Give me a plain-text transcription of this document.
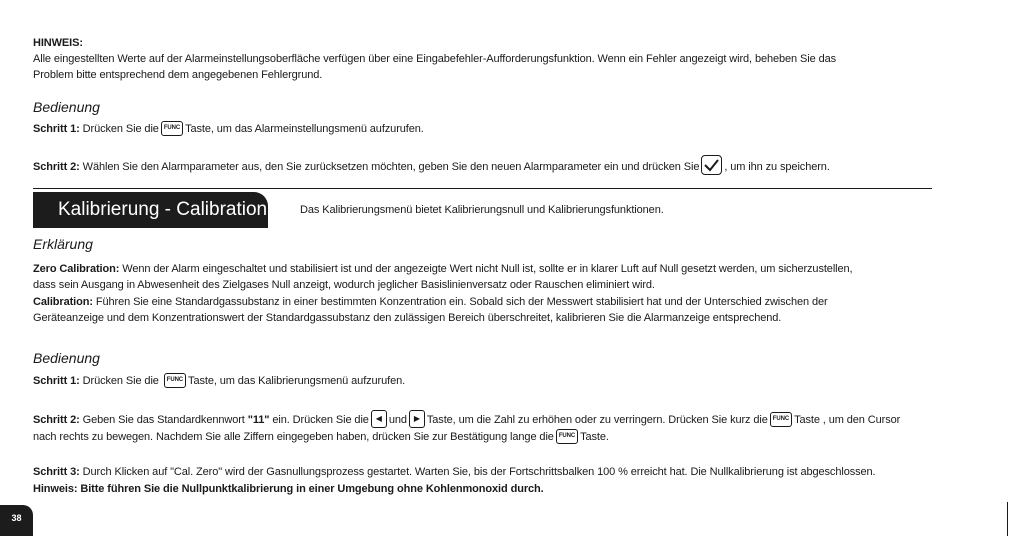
HINWEIS:
Alle eingestellten Werte auf der Alarmeinstellungsoberfläche verfügen über eine Eingabefehler-Aufforderungsfunktion. Wenn ein Fehler angezeigt wird, beheben Sie das
Problem bitte entsprechend dem angegebenen Fehlergrund.
Bedienung
Schritt 1: Drücken Sie die FUNC Taste, um das Alarmeinstellungsmenü aufzurufen.
Schritt 2: Wählen Sie den Alarmparameter aus, den Sie zurücksetzen möchten, geben Sie den neuen Alarmparameter ein und drücken Sie , um ihn zu speichern.
Kalibrierung - Calibration	Das Kalibrierungsmenü bietet Kalibrierungsnull und Kalibrierungsfunktionen.
Erklärung
Zero Calibration: Wenn der Alarm eingeschaltet und stabilisiert ist und der angezeigte Wert nicht Null ist, sollte er in klarer Luft auf Null gesetzt werden, um sicherzustellen,
dass sein Ausgang in Abwesenheit des Zielgases Null anzeigt, wodurch jeglicher Basislinienversatz oder Rauschen eliminiert wird.
Calibration: Führen Sie eine Standardgassubstanz in einer bestimmten Konzentration ein. Sobald sich der Messwert stabilisiert hat und der Unterschied zwischen der
Geräteanzeige und dem Konzentrationswert der Standardgassubstanz den zulässigen Bereich überschreitet, kalibrieren Sie die Alarmanzeige entsprechend.
Bedienung
Schritt 1: Drücken Sie die FUNC Taste, um das Kalibrierungsmenü aufzurufen.
Schritt 2: Geben Sie das Standardkennwort "11" ein. Drücken Sie die ◀ und ▶ Taste, um die Zahl zu erhöhen oder zu verringern. Drücken Sie kurz die FUNC Taste , um den Cursor
nach rechts zu bewegen. Nachdem Sie alle Ziffern eingegeben haben, drücken Sie zur Bestätigung lange die FUNC Taste.
Schritt 3: Durch Klicken auf "Cal. Zero" wird der Gasnullungsprozess gestartet. Warten Sie, bis der Fortschrittsbalken 100 % erreicht hat. Die Nullkalibrierung ist abgeschlossen.
Hinweis: Bitte führen Sie die Nullpunktkalibrierung in einer Umgebung ohne Kohlenmonoxid durch.
38
